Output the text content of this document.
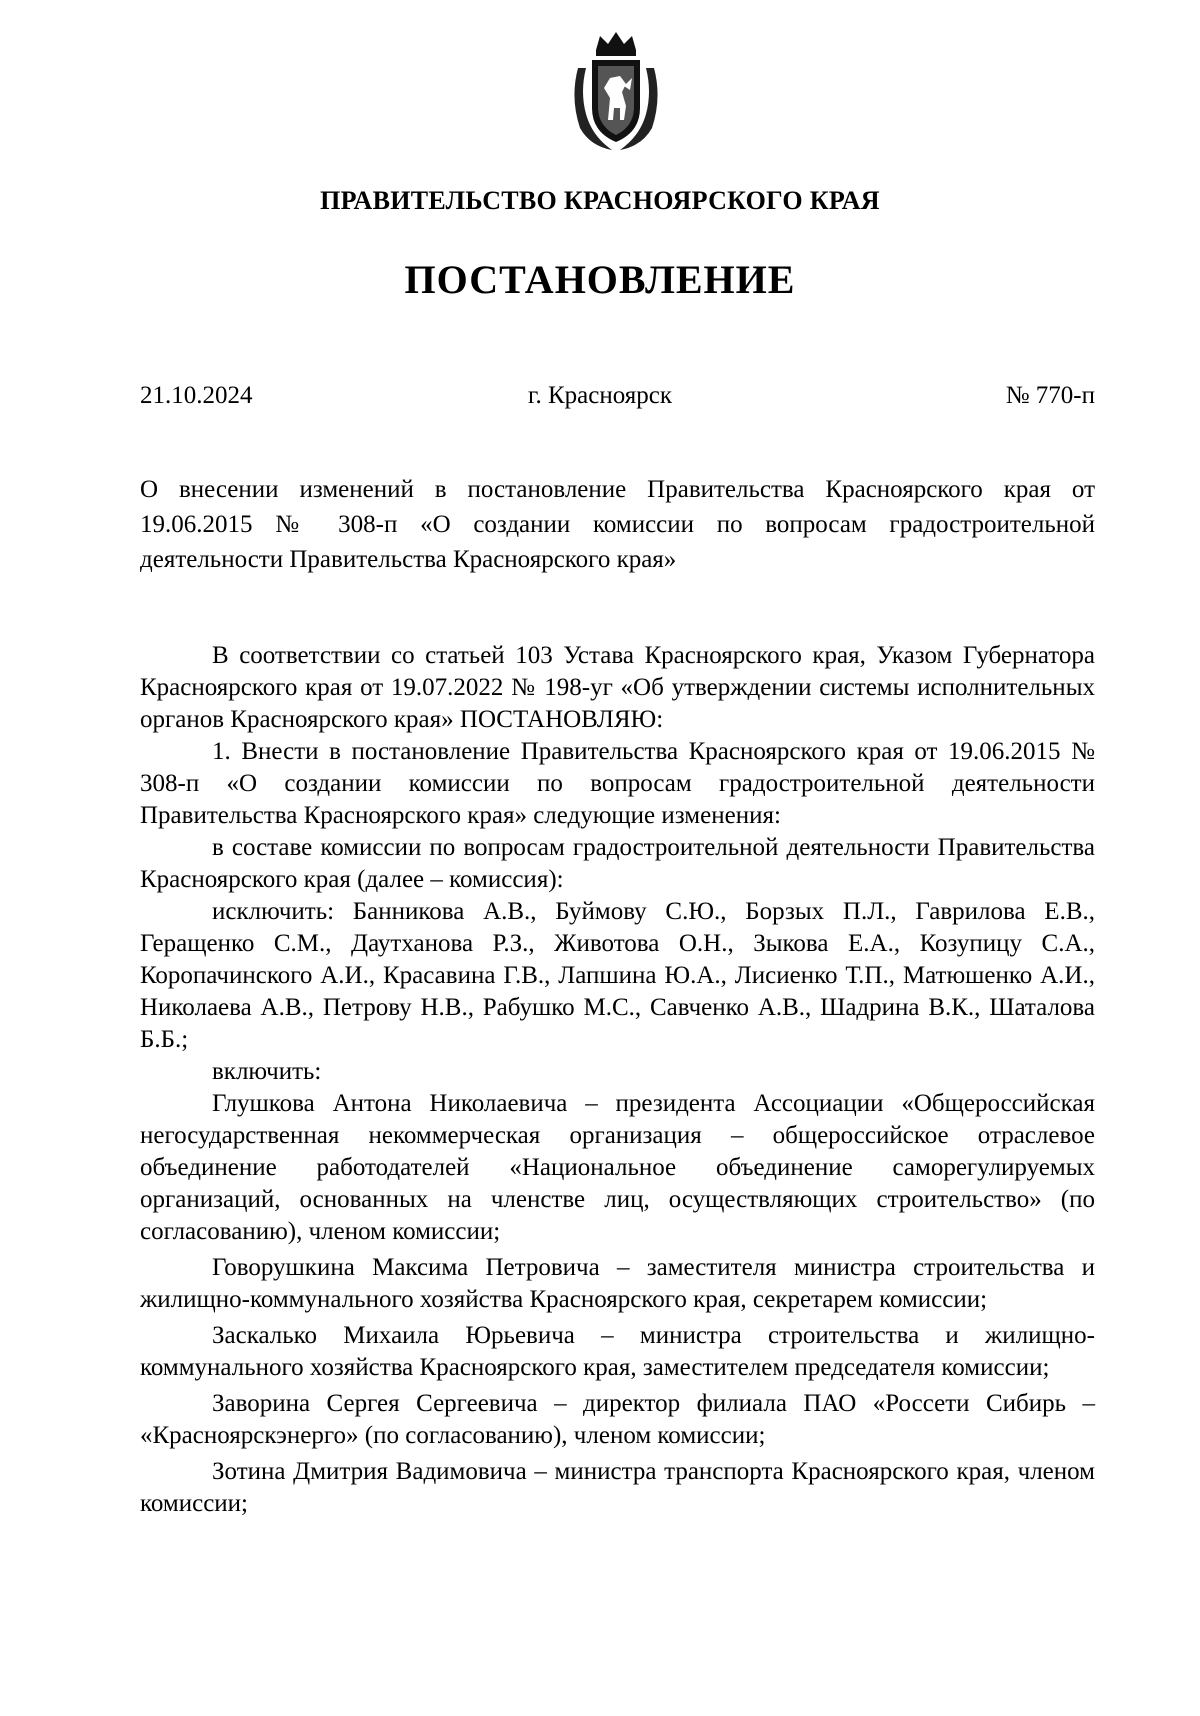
ПРАВИТЕЛЬСТВО КРАСНОЯРСКОГО КРАЯ
ПОСТАНОВЛЕНИЕ
21.10.2024	г. Красноярск	№ 770-п
О внесении изменений в постановление Правительства Красноярского края от 19.06.2015 № 308-п «О создании комиссии по вопросам градостроительной деятельности Правительства Красноярского края»

В соответствии со статьей 103 Устава Красноярского края, Указом Губернатора Красноярского края от 19.07.2022 № 198-уг «Об утверждении системы исполнительных органов Красноярского края» ПОСТАНОВЛЯЮ:

1. Внести в постановление Правительства Красноярского края от 19.06.2015 № 308-п «О создании комиссии по вопросам градостроительной деятельности Правительства Красноярского края» следующие изменения:

в составе комиссии по вопросам градостроительной деятельности Правительства Красноярского края (далее – комиссия):

исключить: Банникова А.В., Буймову С.Ю., Борзых П.Л., Гаврилова Е.В., Геращенко С.М., Даутханова Р.З., Животова О.Н., Зыкова Е.А., Козупицу С.А., Коропачинского А.И., Красавина Г.В., Лапшина Ю.А., Лисиенко Т.П., Матюшенко А.И., Николаева А.В., Петрову Н.В., Рабушко М.С., Савченко А.В., Шадрина В.К., Шаталова Б.Б.;

включить:

Глушкова Антона Николаевича – президента Ассоциации «Общероссийская негосударственная некоммерческая организация – общероссийское отраслевое объединение работодателей «Национальное объединение саморегулируемых организаций, основанных на членстве лиц, осуществляющих строительство» (по согласованию), членом комиссии;

Говорушкина Максима Петровича – заместителя министра строительства и жилищно-коммунального хозяйства Красноярского края, секретарем комиссии;

Заскалько Михаила Юрьевича – министра строительства и жилищно-коммунального хозяйства Красноярского края, заместителем председателя комиссии;

Заворина Сергея Сергеевича – директор филиала ПАО «Россети Сибирь – «Красноярскэнерго» (по согласованию), членом комиссии;

Зотина Дмитрия Вадимовича – министра транспорта Красноярского края, членом комиссии;
